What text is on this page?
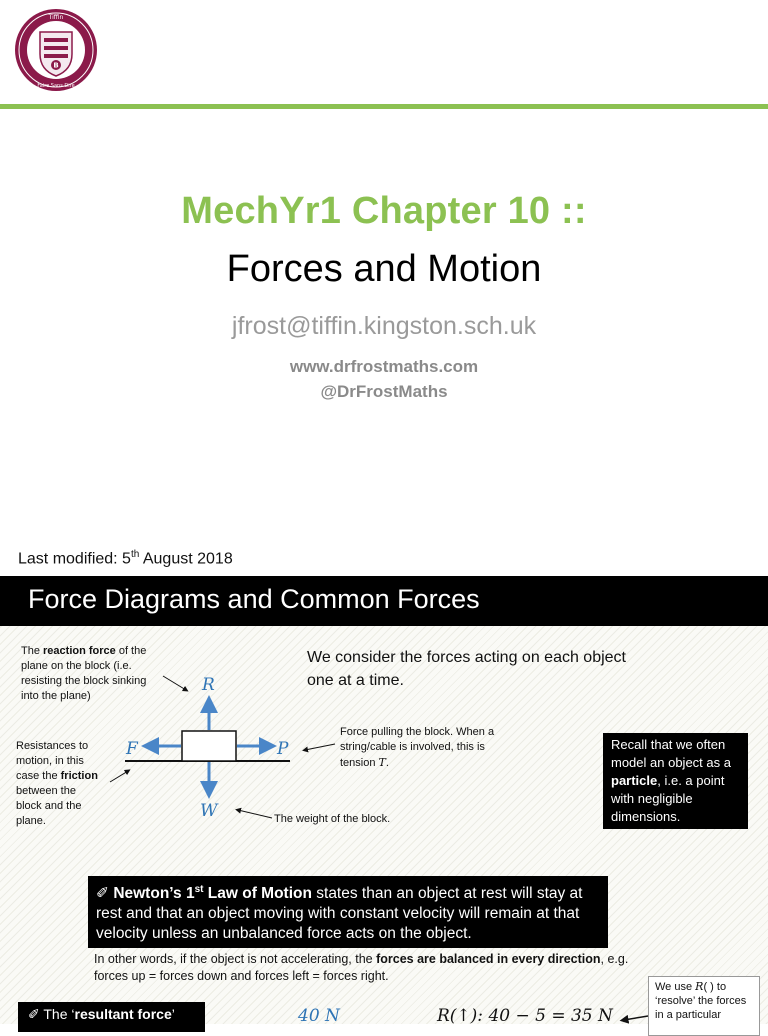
B
Tiffin
Faire Sans Dire
MechYr1 Chapter 10 ::
Forces and Motion
jfrost@tiffin.kingston.sch.uk
www.drfrostmaths.com
@DrFrostMaths
Last modified: 5th August 2018
Force Diagrams and Common Forces
R
F	P
W
The reaction force of the plane on the block (i.e. resisting the block sinking into the plane)
Resistances to motion, in this case the friction between the block and the plane.
Force pulling the block. When a string/cable is involved, this is tension T.
The weight of the block.
We consider the forces acting on each object one at a time.
Recall that we often model an object as a particle, i.e. a point with negligible dimensions.
✐ Newton’s 1st Law of Motion states than an object at rest will stay at rest and that an object moving with constant velocity will remain at that velocity unless an unbalanced force acts on the object.
In other words, if the object is not accelerating, the forces are balanced in every direction, e.g. forces up = forces down and forces left = forces right.
✐ The ‘resultant force’	40 N	R(↑): 40 − 5 = 35 N
We use R( ) to ‘resolve’ the forces in a particular
